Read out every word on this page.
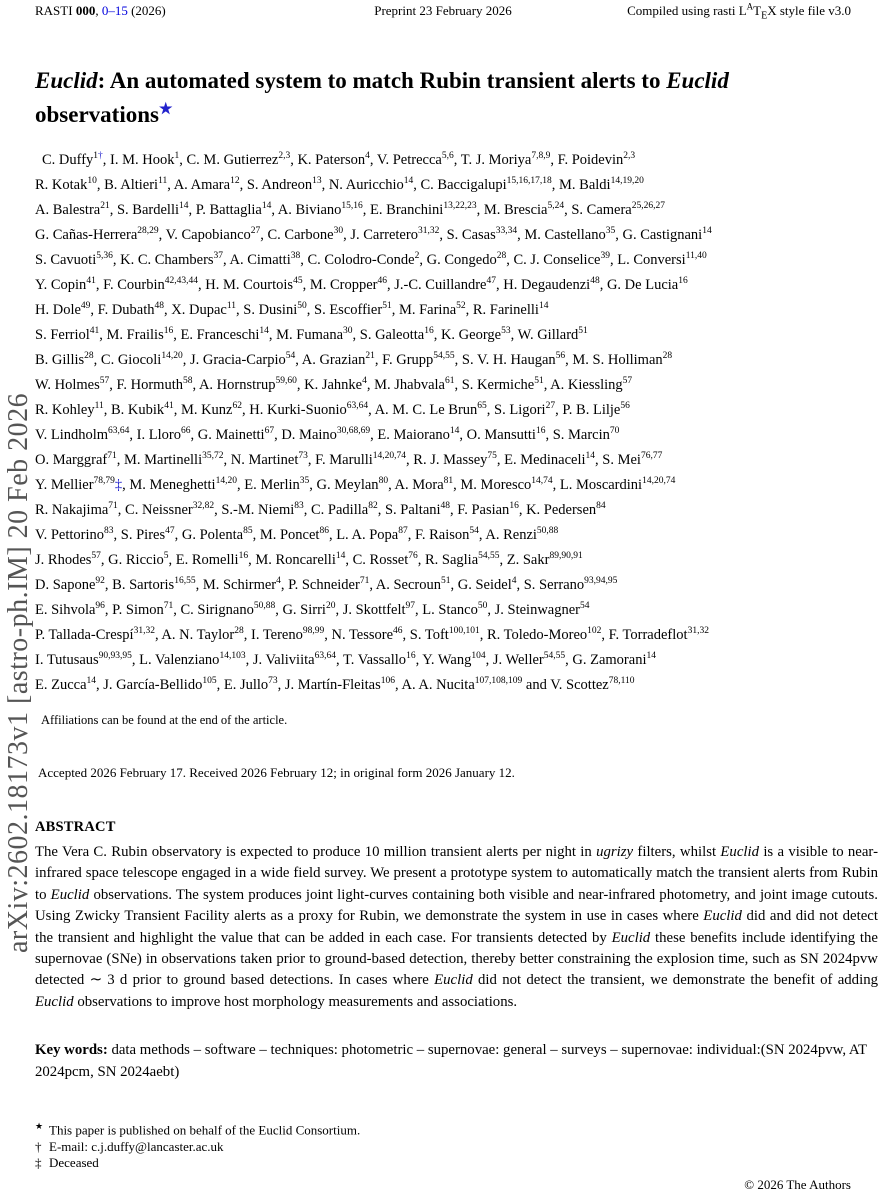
RASTI 000, 0–15 (2026)	Preprint 23 February 2026	Compiled using rasti $L^AT_EX$ style file v3.0
arXiv:2602.18173v1 [astro-ph.IM] 20 Feb 2026
Euclid: An automated system to match Rubin transient alerts to Euclid
observations★
C. Duffy$^{1\dagger}$, I. M. Hook$^1$, C. M. Gutierrez$^{2,3}$, K. Paterson$^4$, V. Petrecca$^{5,6}$, T. J. Moriya$^{7,8,9}$, F. Poidevin$^{2,3}$
R. Kotak$^{10}$, B. Altieri$^{11}$, A. Amara$^{12}$, S. Andreon$^{13}$, N. Auricchio$^{14}$, C. Baccigalupi$^{15,16,17,18}$, M. Baldi$^{14,19,20}$
A. Balestra$^{21}$, S. Bardelli$^{14}$, P. Battaglia$^{14}$, A. Biviano$^{15,16}$, E. Branchini$^{13,22,23}$, M. Brescia$^{5,24}$, S. Camera$^{25,26,27}$
G. Cañas-Herrera$^{28,29}$, V. Capobianco$^{27}$, C. Carbone$^{30}$, J. Carretero$^{31,32}$, S. Casas$^{33,34}$, M. Castellano$^{35}$, G. Castignani$^{14}$
S. Cavuoti$^{5,36}$, K. C. Chambers$^{37}$, A. Cimatti$^{38}$, C. Colodro-Conde$^2$, G. Congedo$^{28}$, C. J. Conselice$^{39}$, L. Conversi$^{11,40}$
Y. Copin$^{41}$, F. Courbin$^{42,43,44}$, H. M. Courtois$^{45}$, M. Cropper$^{46}$, J.-C. Cuillandre$^{47}$, H. Degaudenzi$^{48}$, G. De Lucia$^{16}$
H. Dole$^{49}$, F. Dubath$^{48}$, X. Dupac$^{11}$, S. Dusini$^{50}$, S. Escoffier$^{51}$, M. Farina$^{52}$, R. Farinelli$^{14}$
S. Ferriol$^{41}$, M. Frailis$^{16}$, E. Franceschi$^{14}$, M. Fumana$^{30}$, S. Galeotta$^{16}$, K. George$^{53}$, W. Gillard$^{51}$
B. Gillis$^{28}$, C. Giocoli$^{14,20}$, J. Gracia-Carpio$^{54}$, A. Grazian$^{21}$, F. Grupp$^{54,55}$, S. V. H. Haugan$^{56}$, M. S. Holliman$^{28}$
W. Holmes$^{57}$, F. Hormuth$^{58}$, A. Hornstrup$^{59,60}$, K. Jahnke$^4$, M. Jhabvala$^{61}$, S. Kermiche$^{51}$, A. Kiessling$^{57}$
R. Kohley$^{11}$, B. Kubik$^{41}$, M. Kunz$^{62}$, H. Kurki-Suonio$^{63,64}$, A. M. C. Le Brun$^{65}$, S. Ligori$^{27}$, P. B. Lilje$^{56}$
V. Lindholm$^{63,64}$, I. Lloro$^{66}$, G. Mainetti$^{67}$, D. Maino$^{30,68,69}$, E. Maiorano$^{14}$, O. Mansutti$^{16}$, S. Marcin$^{70}$
O. Marggraf$^{71}$, M. Martinelli$^{35,72}$, N. Martinet$^{73}$, F. Marulli$^{14,20,74}$, R. J. Massey$^{75}$, E. Medinaceli$^{14}$, S. Mei$^{76,77}$
Y. Mellier$^{78,79}$‡, M. Meneghetti$^{14,20}$, E. Merlin$^{35}$, G. Meylan$^{80}$, A. Mora$^{81}$, M. Moresco$^{14,74}$, L. Moscardini$^{14,20,74}$
R. Nakajima$^{71}$, C. Neissner$^{32,82}$, S.-M. Niemi$^{83}$, C. Padilla$^{82}$, S. Paltani$^{48}$, F. Pasian$^{16}$, K. Pedersen$^{84}$
V. Pettorino$^{83}$, S. Pires$^{47}$, G. Polenta$^{85}$, M. Poncet$^{86}$, L. A. Popa$^{87}$, F. Raison$^{54}$, A. Renzi$^{50,88}$
J. Rhodes$^{57}$, G. Riccio$^5$, E. Romelli$^{16}$, M. Roncarelli$^{14}$, C. Rosset$^{76}$, R. Saglia$^{54,55}$, Z. Sakr$^{89,90,91}$
D. Sapone$^{92}$, B. Sartoris$^{16,55}$, M. Schirmer$^4$, P. Schneider$^{71}$, A. Secroun$^{51}$, G. Seidel$^4$, S. Serrano$^{93,94,95}$
E. Sihvola$^{96}$, P. Simon$^{71}$, C. Sirignano$^{50,88}$, G. Sirri$^{20}$, J. Skottfelt$^{97}$, L. Stanco$^{50}$, J. Steinwagner$^{54}$
P. Tallada-Crespí$^{31,32}$, A. N. Taylor$^{28}$, I. Tereno$^{98,99}$, N. Tessore$^{46}$, S. Toft$^{100,101}$, R. Toledo-Moreo$^{102}$, F. Torradeflot$^{31,32}$
I. Tutusaus$^{90,93,95}$, L. Valenziano$^{14,103}$, J. Valiviita$^{63,64}$, T. Vassallo$^{16}$, Y. Wang$^{104}$, J. Weller$^{54,55}$, G. Zamorani$^{14}$
E. Zucca$^{14}$, J. García-Bellido$^{105}$, E. Jullo$^{73}$, J. Martín-Fleitas$^{106}$, A. A. Nucita$^{107,108,109}$ and V. Scottez$^{78,110}$
Affiliations can be found at the end of the article.
Accepted 2026 February 17. Received 2026 February 12; in original form 2026 January 12.
ABSTRACT
The Vera C. Rubin observatory is expected to produce 10 million transient alerts per night in ugrizy filters, whilst Euclid is a visible to near-infrared space telescope engaged in a wide field survey. We present a prototype system to automatically match the transient alerts from Rubin to Euclid observations. The system produces joint light-curves containing both visible and near-infrared photometry, and joint image cutouts. Using Zwicky Transient Facility alerts as a proxy for Rubin, we demonstrate the system in use in cases where Euclid did and did not detect the transient and highlight the value that can be added in each case. For transients detected by Euclid these benefits include identifying the supernovae (SNe) in observations taken prior to ground-based detection, thereby better constraining the explosion time, such as SN 2024pvw detected ∼ 3 d prior to ground based detections. In cases where Euclid did not detect the transient, we demonstrate the benefit of adding Euclid observations to improve host morphology measurements and associations.
Key words: data methods – software – techniques: photometric – supernovae: general – surveys – supernovae: individual:(SN 2024pvw, AT 2024pcm, SN 2024aebt)
★ This paper is published on behalf of the Euclid Consortium.
† E-mail: c.j.duffy@lancaster.ac.uk
‡ Deceased
© 2026 The Authors
